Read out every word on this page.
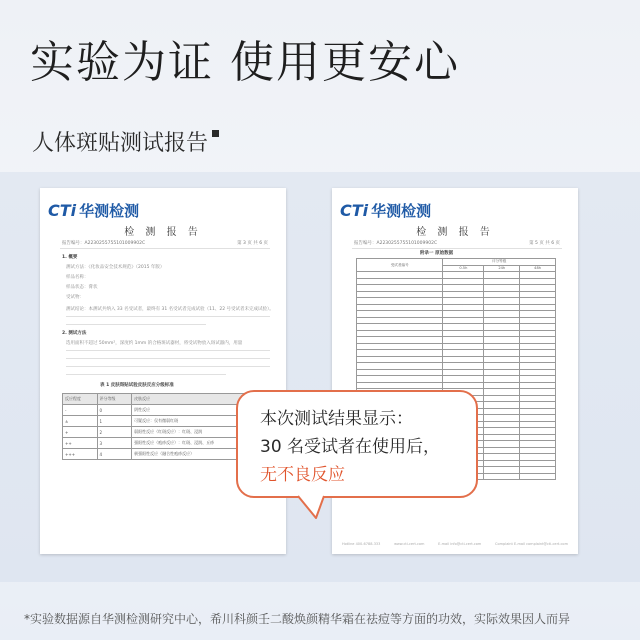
实验为证 使用更安心
人体斑贴测试报告
CTi 华测检测
检 测 报 告
报告编号：A2230255755101009902C	第 3 页 共 6 页
1. 概要
测试方法：《化妆品安全技术规范》（2015 年版）
样品名称：
样品状态：膏状
受试物：
测试结论：本测试共纳入 33 名受试者，最终有 31 名受试者完成试验（11、22 号受试者未完成试验）。
2. 测试方法
选用面积不超过 50mm²，深度约 1mm 的合格斑试器材，将受试物放入斑试器内，用量
表 1 皮肤斑贴试验皮肤反应分级标准
反应程度	评分等级	皮肤反应
-	0	阴性反应
±	1	可疑反应：仅有微弱红斑
+	2	弱阳性反应（红斑反应）：红斑、浸润
++	3	强阳性反应（疱疹反应）：红斑、浸润、丘疹
+++	4	极强阳性反应（融合性疱疹反应）
CTi 华测检测
检 测 报 告
报告编号：A2230255755101009902C	第 5 页 共 6 页
附录一 原始数据
受试者编号	评分等级		
	0.5h	24h	48h

Hotline 400-6788-333	www.cti-cert.com	E-mail info@cti-cert.com	Complaint E-mail complaint@cti-cert.com
本次测试结果显示：
30 名受试者在使用后，
无不良反应
*实验数据源自华测检测研究中心，希川科颜壬二酸焕颜精华霜在祛痘等方面的功效，实际效果因人而异
